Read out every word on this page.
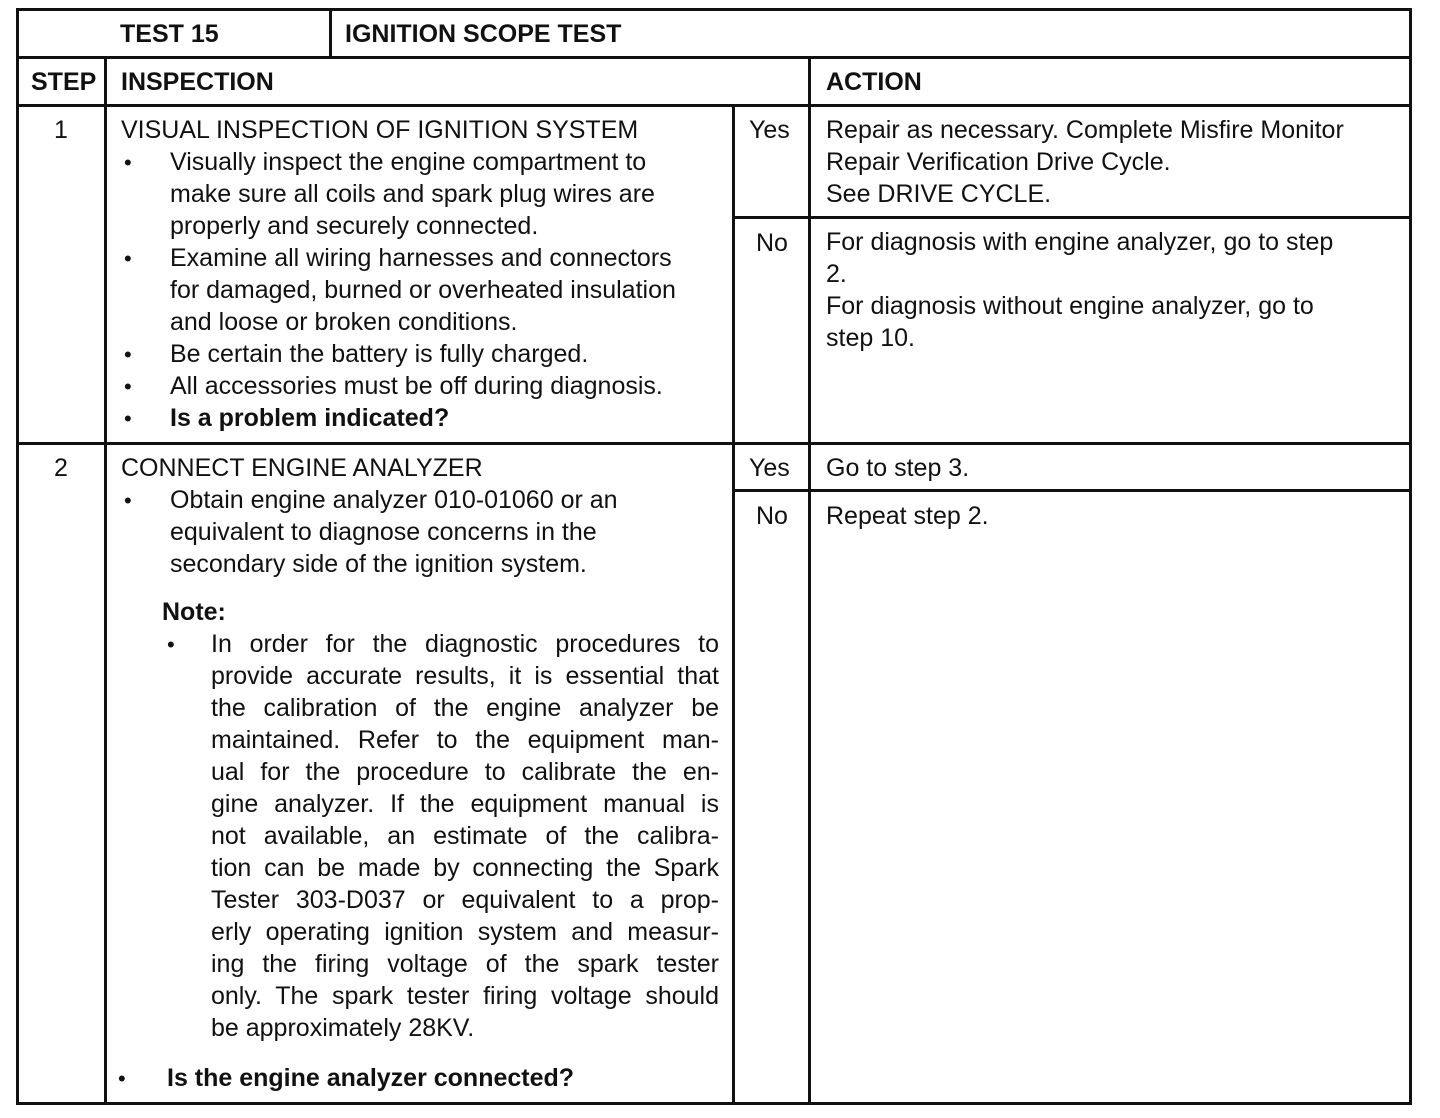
TEST 15	IGNITION SCOPE TEST
STEP INSPECTION	ACTION
1 VISUAL INSPECTION OF IGNITION SYSTEM
• Visually inspect the engine compartment to
make sure all coils and spark plug wires are
properly and securely connected.
• Examine all wiring harnesses and connectors
for damaged, burned or overheated insulation
and loose or broken conditions.
• Be certain the battery is fully charged.
• All accessories must be off during diagnosis.
• Is a problem indicated?
Yes Repair as necessary. Complete Misfire Monitor
Repair Verification Drive Cycle.
See DRIVE CYCLE.
No For diagnosis with engine analyzer, go to step
2.
For diagnosis without engine analyzer, go to
step 10.
2 CONNECT ENGINE ANALYZER
• Obtain engine analyzer 010-01060 or an
equivalent to diagnose concerns in the
secondary side of the ignition system.
Note:
• In order for the diagnostic procedures to
provide accurate results, it is essential that
the calibration of the engine analyzer be
maintained. Refer to the equipment man-
ual for the procedure to calibrate the en-
gine analyzer. If the equipment manual is
not available, an estimate of the calibra-
tion can be made by connecting the Spark
Tester 303-D037 or equivalent to a prop-
erly operating ignition system and measur-
ing the firing voltage of the spark tester
only. The spark tester firing voltage should
be approximately 28KV.
• Is the engine analyzer connected?
Yes Go to step 3.
No Repeat step 2.
